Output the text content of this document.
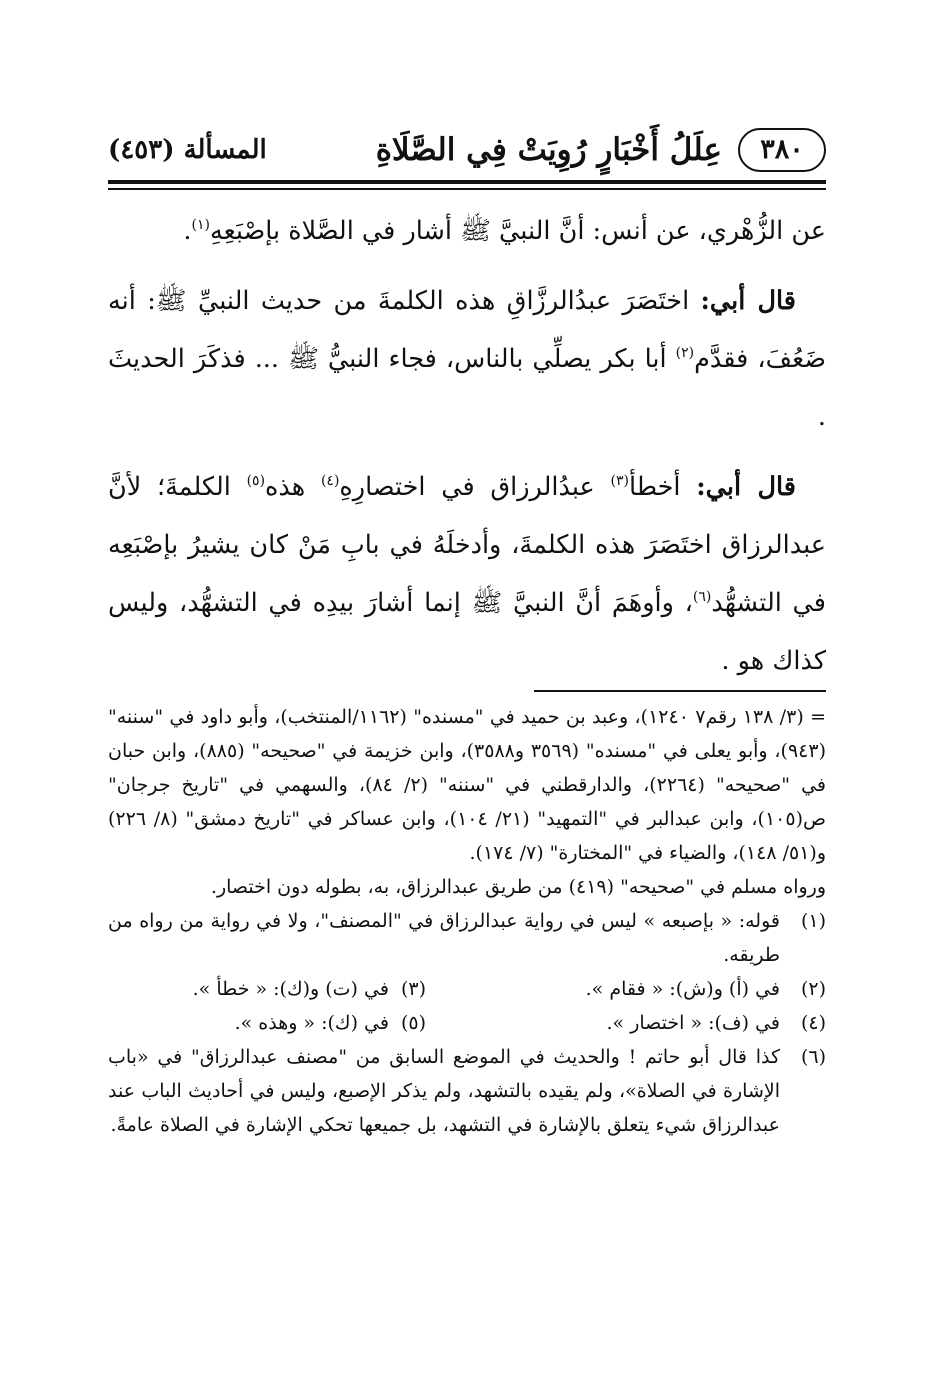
٣٨٠
عِلَلُ أَخْبَارٍ رُوِيَتْ فِي الصَّلَاةِ
المسألة (٤٥٣)

عن الزُّهْري، عن أنس: أنَّ النبيَّ ﷺ أشار في الصَّلاة بإصْبَعِهِ$^{(١)}$.

قال أبي: اختَصَرَ عبدُالرزَّاقِ هذه الكلمةَ من حديث النبيِّ ﷺ: أنه ضَعُفَ، فقدَّم$^{(٢)}$ أبا بكر يصلِّي بالناس، فجاء النبيُّ ﷺ ... فذكَرَ الحديثَ .

قال أبي: أخطأ$^{(٣)}$ عبدُالرزاق في اختصارِهِ$^{(٤)}$ هذه$^{(٥)}$ الكلمةَ؛ لأنَّ عبدالرزاق اختَصَرَ هذه الكلمةَ، وأدخلَهُ في بابِ مَنْ كان يشيرُ بإصْبَعِه في التشهُّد$^{(٦)}$، وأوهَمَ أنَّ النبيَّ ﷺ إنما أشارَ بيدِه في التشهُّد، وليس كذاك هو .

= (٣/ ١٣٨ رقم٧ ١٢٤٠)، وعبد بن حميد في "مسنده" (١١٦٢/المنتخب)، وأبو داود في "سننه" (٩٤٣)، وأبو يعلى في "مسنده" (٣٥٦٩ و٣٥٨٨)، وابن خزيمة في "صحيحه" (٨٨٥)، وابن حبان في "صحيحه" (٢٢٦٤)، والدارقطني في "سننه" (٢/ ٨٤)، والسهمي في "تاريخ جرجان" ص(١٠٥)، وابن عبدالبر في "التمهيد" (٢١/ ١٠٤)، وابن عساكر في "تاريخ دمشق" (٨/ ٢٢٦) و(٥١/ ١٤٨)، والضياء في "المختارة" (٧/ ١٧٤).

ورواه مسلم في "صحيحه" (٤١٩) من طريق عبدالرزاق، به، بطوله دون اختصار.

(١)
قوله: « بإصبعه » ليس في رواية عبدالرزاق في "المصنف"، ولا في رواية من رواه من طريقه.
(٢)
في (أ) و(ش): « فقام ».
(٣)في (ت) و(ك): « خطأ ».
(٤)
في (ف): « اختصار ».
(٥)في (ك): « وهذه ».
(٦)
كذا قال أبو حاتم ! والحديث في الموضع السابق من "مصنف عبدالرزاق" في «باب الإشارة في الصلاة»، ولم يقيده بالتشهد، ولم يذكر الإصبع، وليس في أحاديث الباب عند عبدالرزاق شيء يتعلق بالإشارة في التشهد، بل جميعها تحكي الإشارة في الصلاة عامةً.
